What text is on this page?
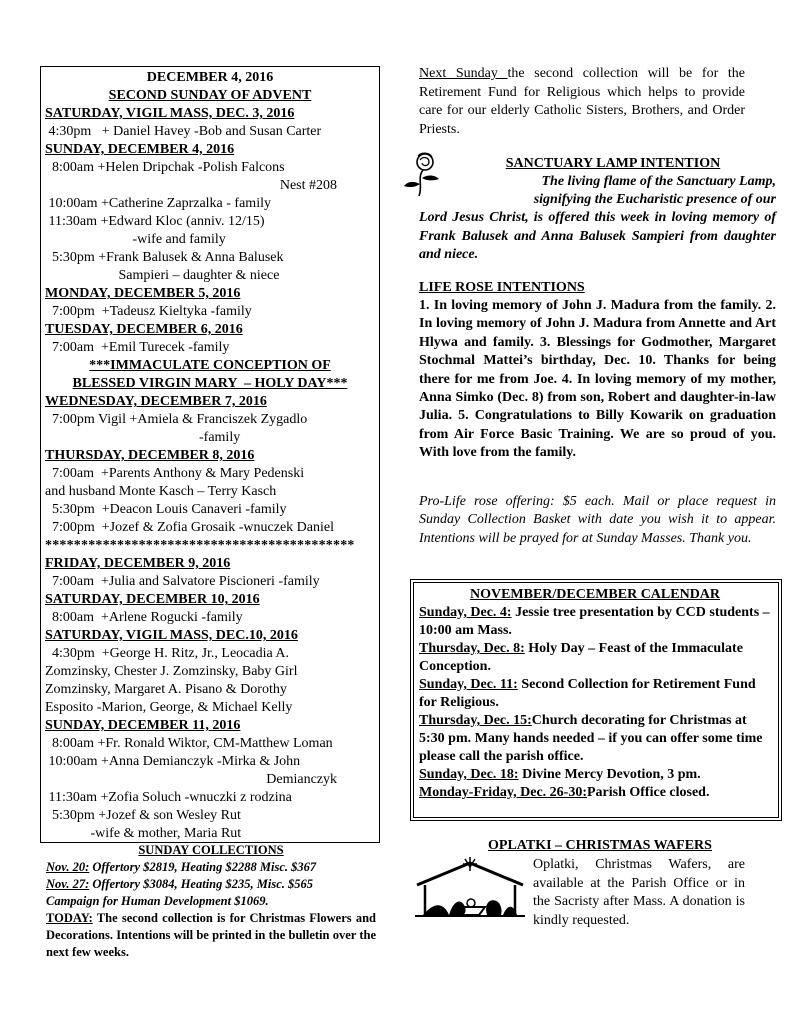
DECEMBER 4, 2016
SECOND SUNDAY OF ADVENT
SATURDAY, VIGIL MASS, DEC. 3, 2016
4:30pm   + Daniel Havey -Bob and Susan Carter
SUNDAY, DECEMBER 4, 2016
8:00am +Helen Dripchak -Polish Falcons
Nest #208
10:00am +Catherine Zaprzalka - family
11:30am +Edward Kloc (anniv. 12/15)
-wife and family
5:30pm +Frank Balusek & Anna Balusek
Sampieri – daughter & niece
MONDAY, DECEMBER 5, 2016
7:00pm  +Tadeusz Kieltyka -family
TUESDAY, DECEMBER 6, 2016
7:00am  +Emil Turecek -family
***IMMACULATE CONCEPTION OF
BLESSED VIRGIN MARY  – HOLY DAY***
WEDNESDAY, DECEMBER 7, 2016
7:00pm Vigil +Amiela & Franciszek Zygadlo
-family
THURSDAY, DECEMBER 8, 2016
7:00am  +Parents Anthony & Mary Pedenski
and husband Monte Kasch – Terry Kasch
5:30pm  +Deacon Louis Canaveri -family
7:00pm  +Jozef & Zofia Grosaik -wnuczek Daniel
*******************************************
FRIDAY, DECEMBER 9, 2016
7:00am  +Julia and Salvatore Piscioneri -family
SATURDAY, DECEMBER 10, 2016
8:00am  +Arlene Rogucki -family
SATURDAY, VIGIL MASS, DEC.10, 2016
4:30pm  +George H. Ritz, Jr., Leocadia A.
Zomzinsky, Chester J. Zomzinsky, Baby Girl
Zomzinsky, Margaret A. Pisano & Dorothy
Esposito -Marion, George, & Michael Kelly
SUNDAY, DECEMBER 11, 2016
8:00am +Fr. Ronald Wiktor, CM-Matthew Loman
10:00am +Anna Demianczyk -Mirka & John
Demianczyk
11:30am +Zofia Soluch -wnuczki z rodzina
5:30pm +Jozef & son Wesley Rut
-wife & mother, Maria Rut
SUNDAY COLLECTIONS
Nov. 20: Offertory $2819, Heating $2288 Misc. $367
Nov. 27: Offertory $3084, Heating $235, Misc. $565
Campaign for Human Development $1069.
TODAY: The second collection is for Christmas Flowers and Decorations. Intentions will be printed in the bulletin over the next few weeks.
Next Sunday the second collection will be for the Retirement Fund for Religious which helps to provide care for our elderly Catholic Sisters, Brothers, and Order Priests.
SANCTUARY LAMP INTENTION
The living flame of the Sanctuary Lamp,
signifying the Eucharistic presence of our
Lord Jesus Christ, is offered this week in loving memory of Frank Balusek and Anna Balusek Sampieri from daughter and niece.
LIFE ROSE INTENTIONS
1. In loving memory of John J. Madura from the family. 2. In loving memory of John J. Madura from Annette and Art Hlywa and family. 3. Blessings for Godmother, Margaret Stochmal Mattei’s birthday, Dec. 10. Thanks for being there for me from Joe. 4. In loving memory of my mother, Anna Simko (Dec. 8) from son, Robert and daughter-in-law Julia. 5. Congratulations to Billy Kowarik on graduation from Air Force Basic Training. We are so proud of you. With love from the family.
Pro-Life rose offering: $5 each. Mail or place request in Sunday Collection Basket with date you wish it to appear. Intentions will be prayed for at Sunday Masses. Thank you.
NOVEMBER/DECEMBER CALENDAR
Sunday, Dec. 4: Jessie tree presentation by CCD students – 10:00 am Mass.
Thursday, Dec. 8: Holy Day – Feast of the Immaculate Conception.
Sunday, Dec. 11: Second Collection for Retirement Fund for Religious.
Thursday, Dec. 15:Church decorating for Christmas at 5:30 pm. Many hands needed – if you can offer some time please call the parish office.
Sunday, Dec. 18: Divine Mercy Devotion, 3 pm.
Monday-Friday, Dec. 26-30:Parish Office closed.
OPLATKI – CHRISTMAS WAFERS
Oplatki, Christmas Wafers, are available at the Parish Office or in the Sacristy after Mass. A donation is kindly requested.
